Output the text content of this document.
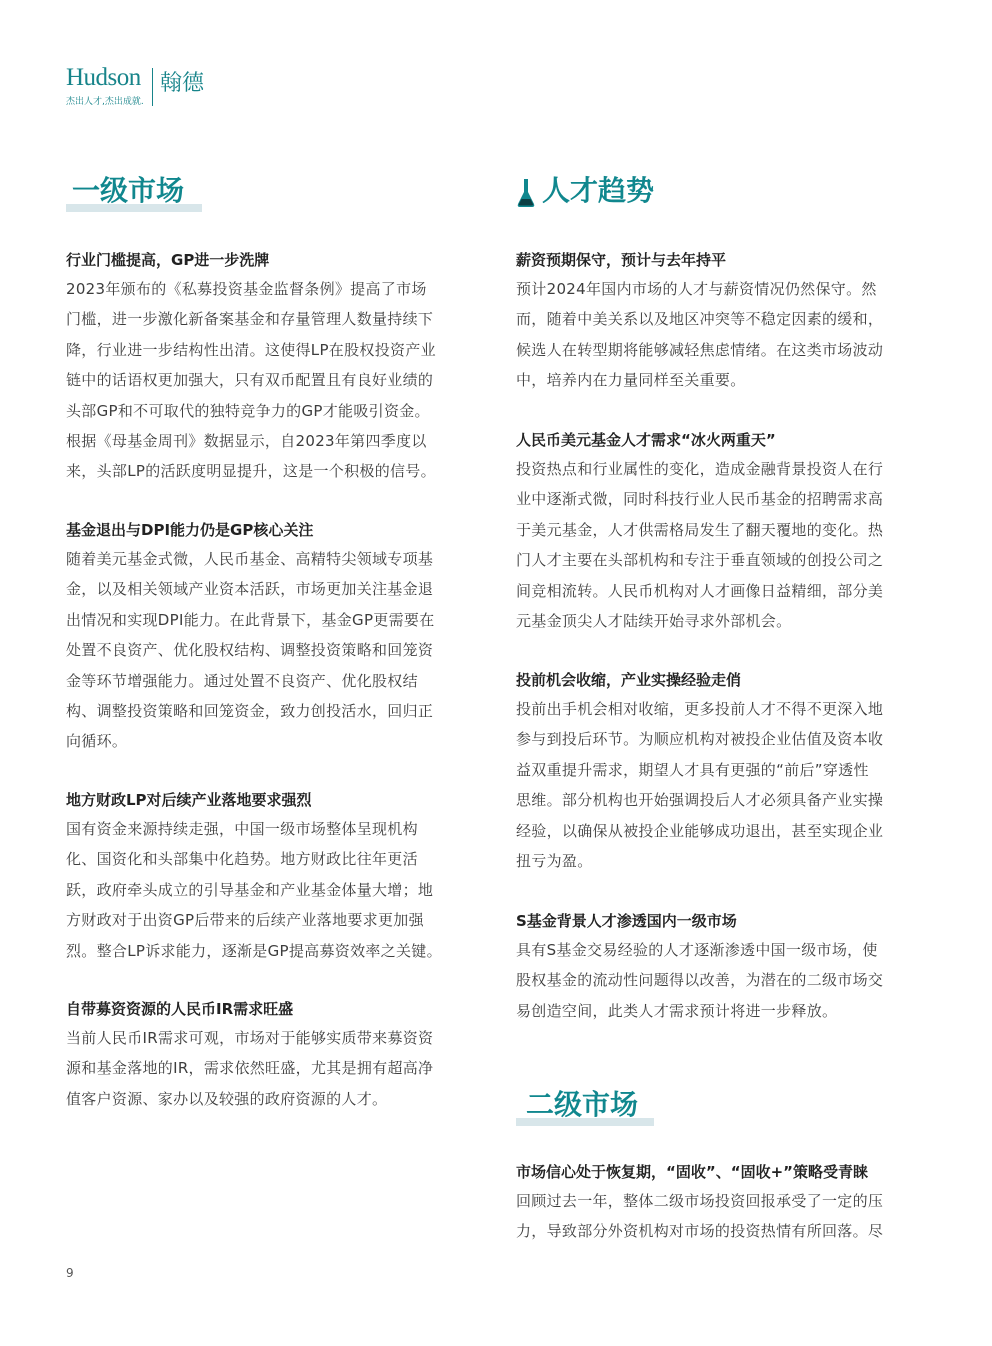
Hudson 翰德
杰出人才,杰出成就.
一级市场

行业门槛提高，GP进一步洗牌

2023年颁布的《私募投资基金监督条例》提高了市场

门槛，进一步激化新备案基金和存量管理人数量持续下

降，行业进一步结构性出清。这使得LP在股权投资产业

链中的话语权更加强大，只有双币配置且有良好业绩的

头部GP和不可取代的独特竞争力的GP才能吸引资金。

根据《母基金周刊》数据显示，自2023年第四季度以

来，头部LP的活跃度明显提升，这是一个积极的信号。

基金退出与DPI能力仍是GP核心关注

随着美元基金式微，人民币基金、高精特尖领域专项基

金，以及相关领域产业资本活跃，市场更加关注基金退

出情况和实现DPI能力。在此背景下，基金GP更需要在

处置不良资产、优化股权结构、调整投资策略和回笼资

金等环节增强能力。通过处置不良资产、优化股权结

构、调整投资策略和回笼资金，致力创投活水，回归正

向循环。

地方财政LP对后续产业落地要求强烈

国有资金来源持续走强，中国一级市场整体呈现机构

化、国资化和头部集中化趋势。地方财政比往年更活

跃，政府牵头成立的引导基金和产业基金体量大增；地

方财政对于出资GP后带来的后续产业落地要求更加强

烈。整合LP诉求能力，逐渐是GP提高募资效率之关键。

自带募资资源的人民币IR需求旺盛

当前人民币IR需求可观，市场对于能够实质带来募资资

源和基金落地的IR，需求依然旺盛，尤其是拥有超高净

值客户资源、家办以及较强的政府资源的人才。

人才趋势

薪资预期保守，预计与去年持平

预计2024年国内市场的人才与薪资情况仍然保守。然

而，随着中美关系以及地区冲突等不稳定因素的缓和，

候选人在转型期将能够减轻焦虑情绪。在这类市场波动

中，培养内在力量同样至关重要。

人民币美元基金人才需求“冰火两重天”

投资热点和行业属性的变化，造成金融背景投资人在行

业中逐渐式微，同时科技行业人民币基金的招聘需求高

于美元基金，人才供需格局发生了翻天覆地的变化。热

门人才主要在头部机构和专注于垂直领域的创投公司之

间竞相流转。人民币机构对人才画像日益精细，部分美

元基金顶尖人才陆续开始寻求外部机会。

投前机会收缩，产业实操经验走俏

投前出手机会相对收缩，更多投前人才不得不更深入地

参与到投后环节。为顺应机构对被投企业估值及资本收

益双重提升需求，期望人才具有更强的“前后”穿透性

思维。部分机构也开始强调投后人才必须具备产业实操

经验，以确保从被投企业能够成功退出，甚至实现企业

扭亏为盈。

S基金背景人才渗透国内一级市场

具有S基金交易经验的人才逐渐渗透中国一级市场，使

股权基金的流动性问题得以改善，为潜在的二级市场交

易创造空间，此类人才需求预计将进一步释放。

二级市场

市场信心处于恢复期，“固收”、“固收+”策略受青睐

回顾过去一年，整体二级市场投资回报承受了一定的压

力，导致部分外资机构对市场的投资热情有所回落。尽

9
